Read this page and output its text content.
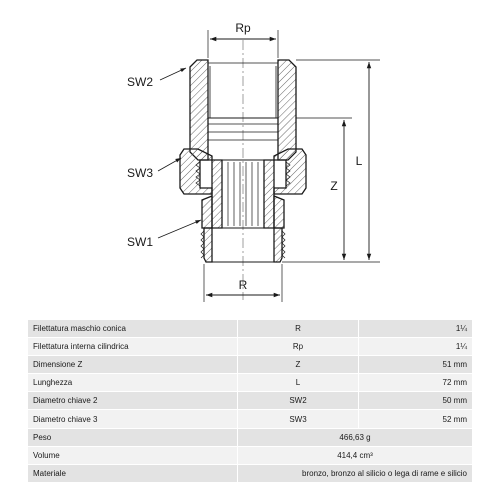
Rp
R
Z
L
SW2
SW3
SW1
Filettatura maschio conica	R	1¼
Filettatura interna cilindrica	Rp	1¼
Dimensione Z	Z	51 mm
Lunghezza	L	72 mm
Diametro chiave 2	SW2	50 mm
Diametro chiave 3	SW3	52 mm
Peso	466,63 g	
Volume	414,4 cm³	
Materiale	bronzo, bronzo al silicio o lega di rame e silicio	
